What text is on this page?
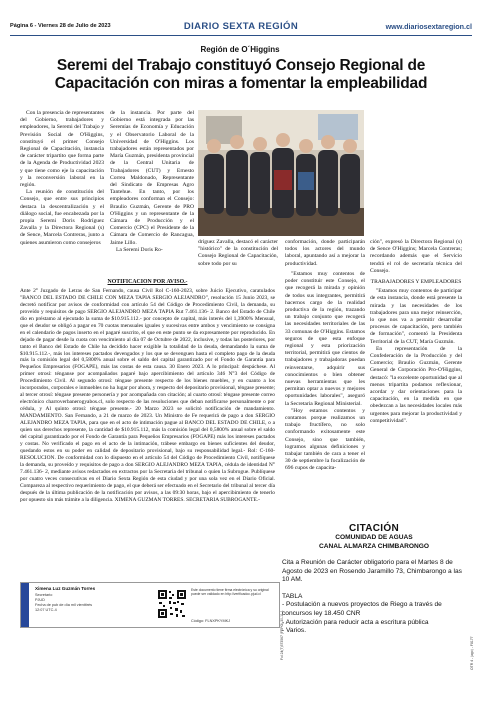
Página 6 - Viernes 28 de Julio de 2023	DIARIO SEXTA REGIÓN	www.diariosextaregion.cl
Región de O´Higgins
Seremi del Trabajo constituyó Consejo Regional de
Capacitación con miras a fomentar la empleabilidad

Con la presencia de representantes del Gobierno, trabajadores y empleadores, la Seremi del Trabajo y Previsión Social de O'Higgins, constituyó el primer Consejo Regional de Capacitación, instancia de carácter tripartito que forma parte de la Agenda de Productividad 2023 y que tiene como eje la capacitación y la reconversión laboral en la región.

La reunión de constitución del Consejo, que entre sus principios destaca la descentralización y el diálogo social, fue encabezada por la propia Seremi Doris Rodríguez Zavalla y la Directora Regional (s) de Sence, Marcela Contreras, junto a quienes asumieron como consejeros

de la instancia. Por parte del Gobierno está integrada por las Seremías de Economía y Educación y el Observatorio Laboral de la Universidad de O'Higgins. Los trabajadores están representados por María Guzmán, presidenta provincial de la Central Unitaria de Trabajadores (CUT) y Ernesto Correa Maldonado, Representante del Sindicato de Empresas Agro Tantehue. En tanto, por los empleadores conforman el Consejo: Braulio Guzmán, Gerente de PRO O'Higgins y un representante de la Cámara de Producción y el Comercio (CPC) el Presidente de la Cámara de Comercio de Rancagua, Jaime Lillo.

La Seremi Doris Ro-

dríguez Zavalla, destacó el carácter "histórico" de la constitución del Consejo Regional de Capacitación, sobre todo por su

conformación, donde participarán todos los actores del mundo laboral, apuntando así a mejorar la productividad.

"Estamos muy contentos de poder constituir este Consejo, el que recogerá la mirada y opinión de todos sus integrantes, permitirá hacernos cargo de la realidad productiva de la región, trazando un trabajo conjunto que recogerá las necesidades territoriales de las 33 comunas de O'Higgins. Estamos seguros de que esta enfoque regional y esta priorización territorial, permitirá que cientos de trabajadores y trabajadoras puedan reinventarse, adquirir sus conocimientos o bien obtener nuevas herramientas que les permitan optar a nuevos y mejores oportunidades laborales", aseguró la Secretaria Regional Ministerial.

"Hoy estamos contentos y contamos porque realizamos un trabajo fructífero, no solo conformando exitosamente este Consejo, sino que también, logramos algunas definiciones y trabajar también de cara a tener el 30 de septiembre la focalización de 696 cupos de capacita-

ción", expresó la Directora Regional (s) de Sence O'Higgins; Marcela Contreras; recordando además que el Servicio tendrá el rol de secretaría técnica del Consejo.

TRABAJADORES Y EMPLEADORES

"Estamos muy contentos de participar de esta instancia, donde está presente la mirada y las necesidades de los trabajadores para una mejor reinserción, lo que nos va a permitir desarrollar procesos de capacitación, pero también de formación", comentó la Presidenta Territorial de la CUT, María Guzmán.

En representación de la Confederación de la Producción y del Comercio; Braulio Guzmán, Gerente General de Corporación Pro-O'Higgins, destacó: "la excelente oportunidad que al menos tripartita podamos reflexionar, acordar y dar orientaciones para la capacitación, en la medida en que obedezcan a las necesidades locales más urgentes para mejorar la productividad y competitividad".

NOTIFICACION POR AVISO.-
Ante 2° Juzgado de Letras de San Fernando, causa Civil Rol C-160-2023, sobre Juicio Ejecutivo, caratulados "BANCO DEL ESTADO DE CHILE CON MEZA TAPIA SERGIO ALEJANDRO", resolución 15 Junio 2023, se decretó notificar por avisos de conformidad con artículo 54 del Código de Procedimiento Civil, la demanda, su proveído y requisitos de pago SERGIO ALEJANDRO MEZA TAPIA Rut 7.461.136- 2. Banco del Estado de Chile dio en préstamo al ejecutado la suma de $10.915.112.- por concepto de capital, más interés del 1,3900% Mensual, que el deudor se obligó a pagar en 70 cuotas mensuales iguales y sucesivas entre ambos y vencimiento se consigna en el calendario de pagos inserto en el pagaré suscrito, el que en este punto se da expresamente por reproducido. En dejado de pagar desde la cuota con vencimiento al día 07 de Octubre de 2022, inclusive, y todas las posteriores, por tanto el Banco del Estado de Chile ha decidido hacer exigible la totalidad de la deuda, demandando la suma de $10.915.112.-, más los intereses pactados devengados y los que se devenguen hasta el completo pago de la deuda más la comisión legal del 0,5800% anual sobre el saldo del capital garantizado por el Fondo de Garantía para Pequeños Empresarios (FOGAPE), más las costas de esta causa. 30 Enero 2023. A lo principal: despáchese. Al primer otrosí: ténganse por acompañados pagaré bajo apercibimiento del artículo 346 N°3 del Código de Procedimiento Civil. Al segundo otrosí: téngase presente respecto de los bienes muebles, y en cuanto a los incorporados, corporales e inmuebles no ha lugar por ahora, y respecto del depositario provisional, téngase presente; al tercer otrosí: téngase presente personería y por acompañada con citación; al cuarto otrosí: téngase presente correo electrónico charroverbanerogyabos.cl, solo respecto de las resoluciones que deban notificarse personalmente o por cédula, y Al quinto otrosí: téngase presente.- 20 Marzo 2023 se solicitó notificación de mandamiento. MANDAMIENTO. San Fernando, a 21 de marzo de 2023. Un Ministro de Fe requerirá de pago a don SERGIO ALEJANDRO MEZA TAPIA, para que en el acto de intimación pague al BANCO DEL ESTADO DE CHILE, o a quien sus derechos represente, la cantidad de $10.915.112, más la comisión legal del 0,5800% anual sobre el saldo del capital garantizado por el Fondo de Garantía para Pequeños Empresarios (FOGAPE) más los intereses pactados y costas. No verificado el pago en el acto de la intimación, trábese embargo en bienes suficientes del deudor, quedando estos en su poder en calidad de depositario provisional, bajo su responsabilidad legal.- Rol: C-160- RESOLUCION. De conformidad con lo dispuesto en el artículo 54 del Código de Procedimiento Civil, notifíquese la demanda, su proveído y requisitos de pago a don SERGIO ALEJANDRO MEZA TAPIA, cédula de identidad N° 7.461.136- 2, mediante avisos redactados en extractos por la Secretaria del tribunal o quien la Subrogue. Publíquese por cuatro veces consecutivas en el Diario Sexta Región de esta ciudad y por una sola vez en el Diario Oficial. Compareza al respectivo requerimiento de pago, el que deberá ser efectuado en el Secretario del tribunal al tercer día después de la última publicación de la notificación por avisos, a las 09:30 horas, bajo el apercibimiento de tenerlo por opuesto sin más trámite a la diligencia. XIMENA GUZMAN TORRES. SECRETARIA SUBROGANTE.-
Fol 24(7)573567 (FEPO) 30-11-1	OTR 4 - (ago) - F8177
Ximena Luz Guzmán Torres
Secretario
PJUD
Fecha de pub de día mil vientitrés
12:07 UTC-4
Este documento tiene firma electrónica y su original puede ser validado en http://verificadoc.pjud.cl
Código: FLNXPKYMKJ
CITACIÓN
COMUNIDAD DE AGUAS
CANAL ALMARZA CHIMBARONGO
Cita a Reunión de Carácter obligatorio para el Martes 8 de Agosto de 2023 en Rosendo Jaramillo 73, Chimbarongo a las 10 AM.
TABLA
- Postulación a nuevos proyectos de Riego a través de concursos ley 18.450 CNR
- Autorización para reducir acta a escritura pública
- Varios.
